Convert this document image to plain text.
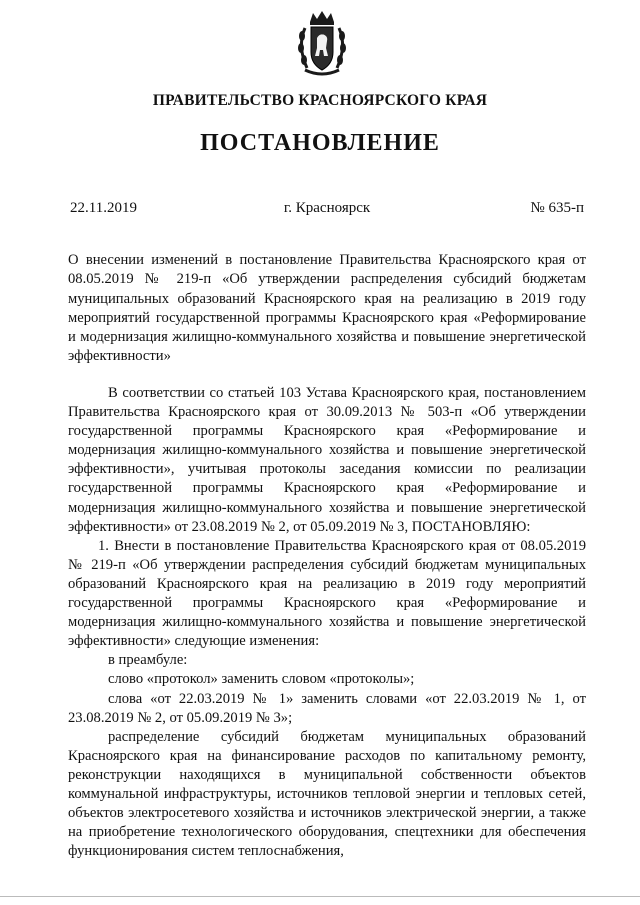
ПРАВИТЕЛЬСТВО КРАСНОЯРСКОГО КРАЯ
ПОСТАНОВЛЕНИЕ
22.11.2019	г. Красноярск	№ 635-п
О внесении изменений в постановление Правительства Красноярского края от 08.05.2019 № 219-п «Об утверждении распределения субсидий бюджетам муниципальных образований Красноярского края на реализацию в 2019 году мероприятий государственной программы Красноярского края «Реформирование и модернизация жилищно-коммунального хозяйства и повышение энергетической эффективности»

В соответствии со статьей 103 Устава Красноярского края, постановлением Правительства Красноярского края от 30.09.2013 № 503-п «Об утверждении государственной программы Красноярского края «Реформирование и модернизация жилищно-коммунального хозяйства и повышение энергетической эффективности», учитывая протоколы заседания комиссии по реализации государственной программы Красноярского края «Реформирование и модернизация жилищно-коммунального хозяйства и повышение энергетической эффективности» от 23.08.2019 № 2, от 05.09.2019 № 3, ПОСТАНОВЛЯЮ:

1. Внести в постановление Правительства Красноярского края от 08.05.2019 № 219-п «Об утверждении распределения субсидий бюджетам муниципальных образований Красноярского края на реализацию в 2019 году мероприятий государственной программы Красноярского края «Реформирование и модернизация жилищно-коммунального хозяйства и повышение энергетической эффективности» следующие изменения:

в преамбуле:

слово «протокол» заменить словом «протоколы»;

слова «от 22.03.2019 № 1» заменить словами «от 22.03.2019 № 1, от 23.08.2019 № 2, от 05.09.2019 № 3»;

распределение субсидий бюджетам муниципальных образований Красноярского края на финансирование расходов по капитальному ремонту, реконструкции находящихся в муниципальной собственности объектов коммунальной инфраструктуры, источников тепловой энергии и тепловых сетей, объектов электросетевого хозяйства и источников электрической энергии, а также на приобретение технологического оборудования, спецтехники для обеспечения функционирования систем теплоснабжения,
